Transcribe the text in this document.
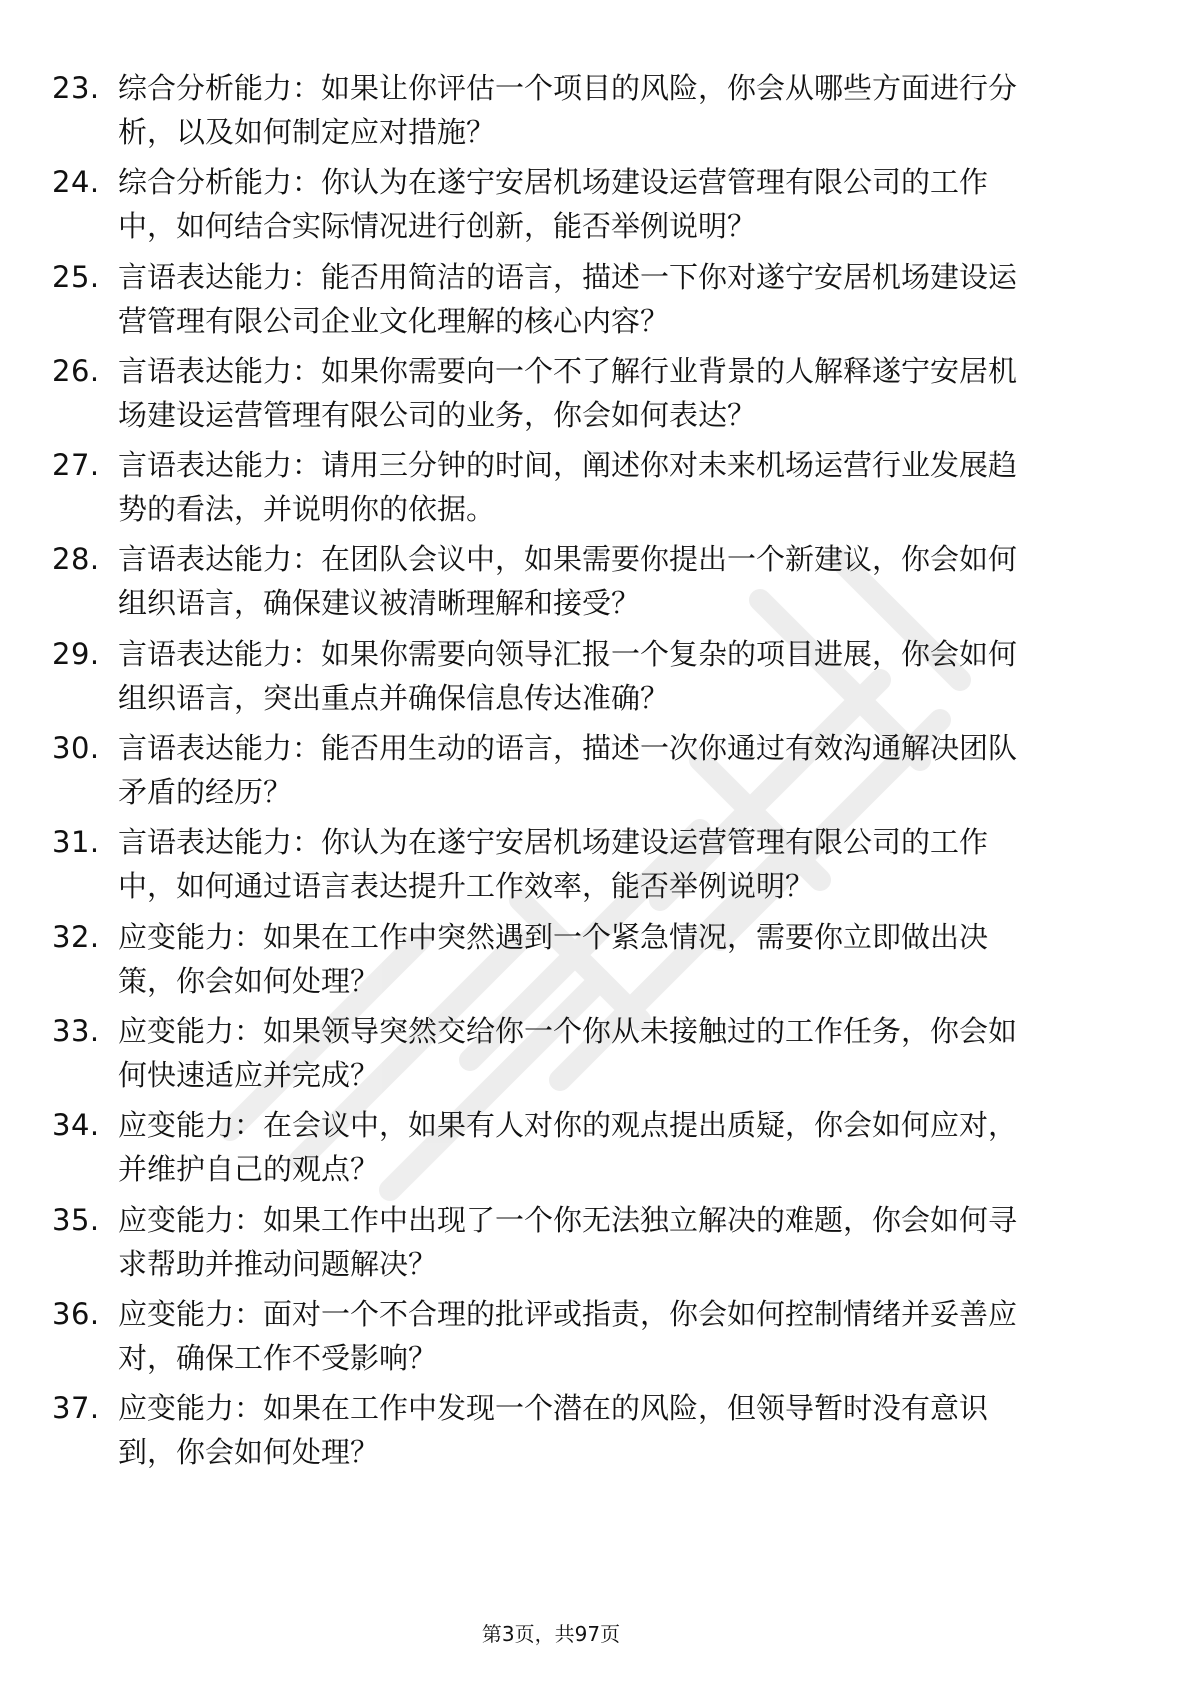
23. 综合分析能力：如果让你评估一个项目的风险，你会从哪些方面进行分析，以及如何制定应对措施？
24. 综合分析能力：你认为在遂宁安居机场建设运营管理有限公司的工作中，如何结合实际情况进行创新，能否举例说明？
25. 言语表达能力：能否用简洁的语言，描述一下你对遂宁安居机场建设运营管理有限公司企业文化理解的核心内容？
26. 言语表达能力：如果你需要向一个不了解行业背景的人解释遂宁安居机场建设运营管理有限公司的业务，你会如何表达？
27. 言语表达能力：请用三分钟的时间，阐述你对未来机场运营行业发展趋势的看法，并说明你的依据。
28. 言语表达能力：在团队会议中，如果需要你提出一个新建议，你会如何组织语言，确保建议被清晰理解和接受？
29. 言语表达能力：如果你需要向领导汇报一个复杂的项目进展，你会如何组织语言，突出重点并确保信息传达准确？
30. 言语表达能力：能否用生动的语言，描述一次你通过有效沟通解决团队矛盾的经历？
31. 言语表达能力：你认为在遂宁安居机场建设运营管理有限公司的工作中，如何通过语言表达提升工作效率，能否举例说明？
32. 应变能力：如果在工作中突然遇到一个紧急情况，需要你立即做出决策，你会如何处理？
33. 应变能力：如果领导突然交给你一个你从未接触过的工作任务，你会如何快速适应并完成？
34. 应变能力：在会议中，如果有人对你的观点提出质疑，你会如何应对，并维护自己的观点？
35. 应变能力：如果工作中出现了一个你无法独立解决的难题，你会如何寻求帮助并推动问题解决？
36. 应变能力：面对一个不合理的批评或指责，你会如何控制情绪并妥善应对，确保工作不受影响？
37. 应变能力：如果在工作中发现一个潜在的风险，但领导暂时没有意识到，你会如何处理？
第3页，共97页
